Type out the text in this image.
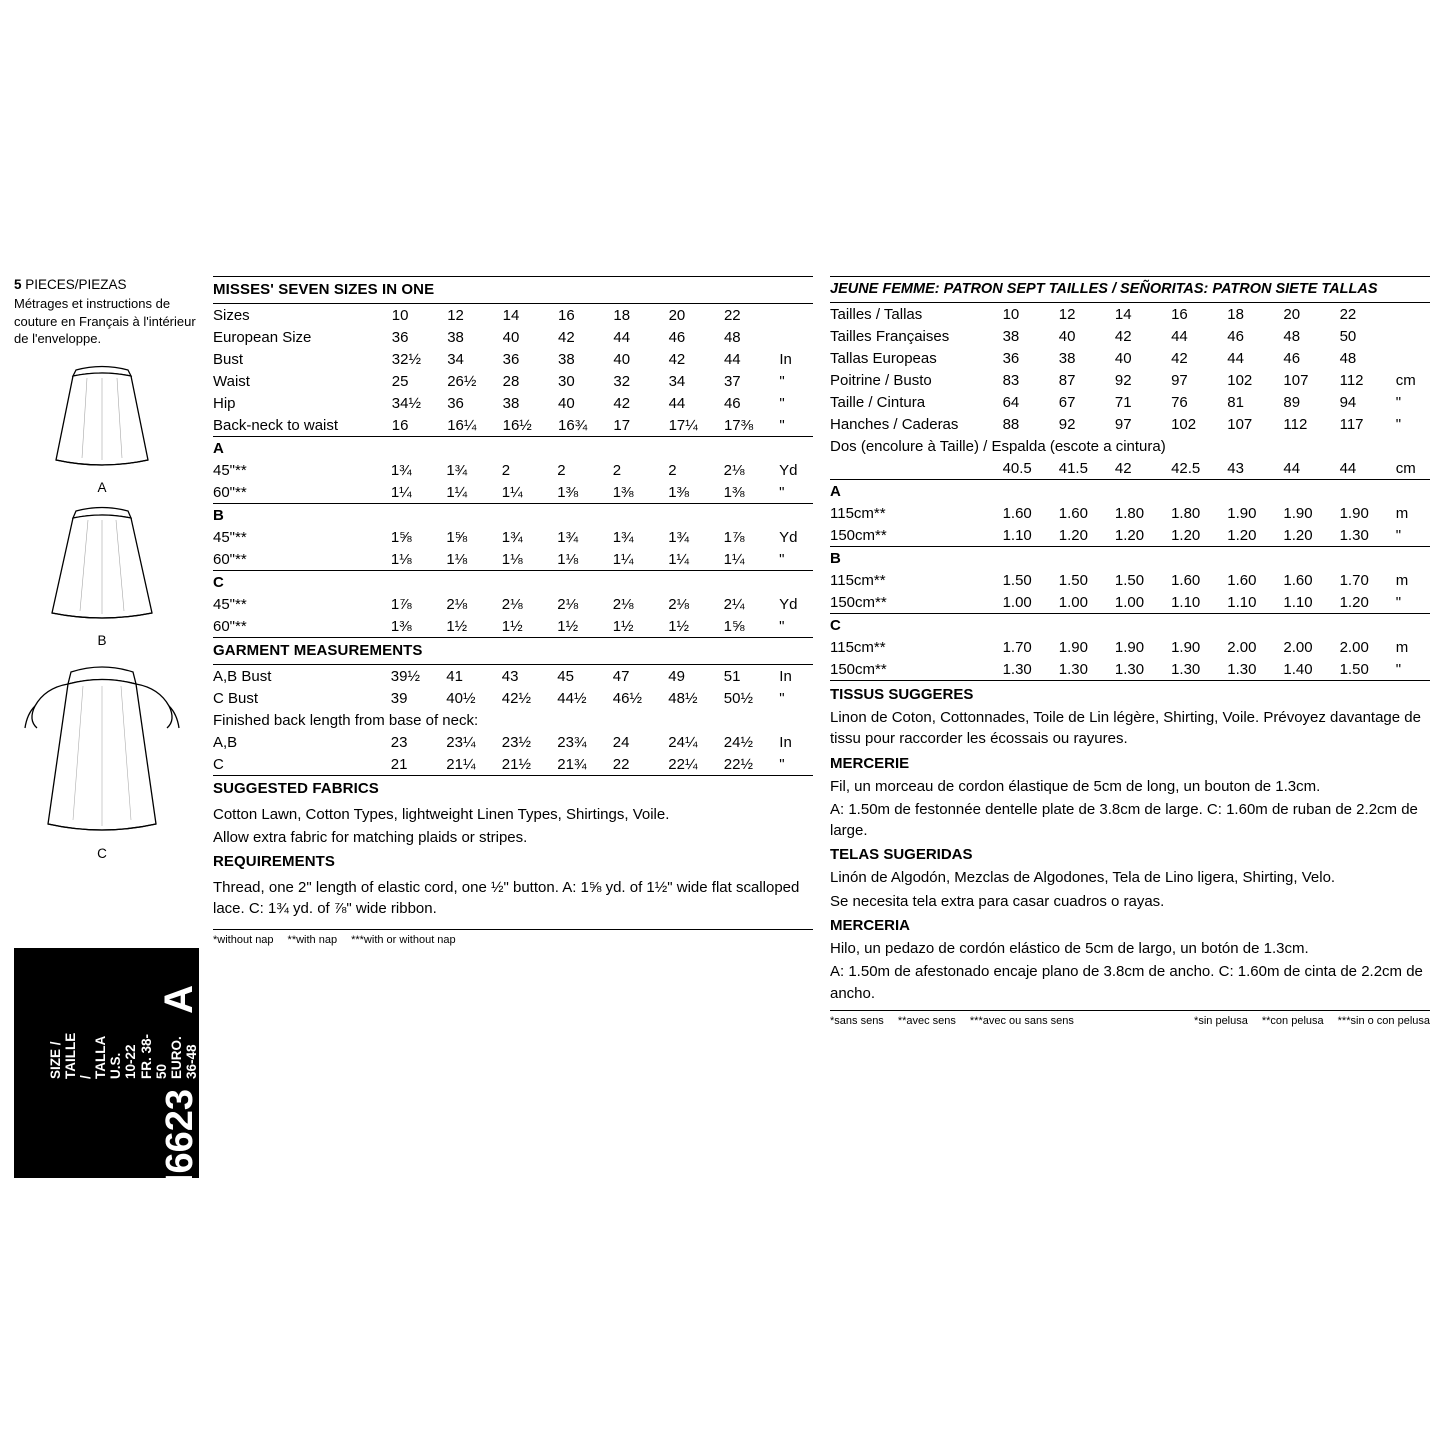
5 PIECES/PIEZAS
Métrages et instructions de couture en Français à l'intérieur de l'enveloppe.
A
B
C
N6623
SIZE / TAILLE / TALLA U.S. 10-22 FR. 38-50 EURO. 36-48
A
MISSES' SEVEN SIZES IN ONE
Sizes	10	12	14	16	18	20	22	
European Size	36	38	40	42	44	46	48	
Bust	32½	34	36	38	40	42	44	In
Waist	25	26½	28	30	32	34	37	"
Hip	34½	36	38	40	42	44	46	"
Back-neck to waist	16	16¼	16½	16¾	17	17¼	17⅜	"
A								
45"**	1¾	1¾	2	2	2	2	2⅛	Yd
60"**	1¼	1¼	1¼	1⅜	1⅜	1⅜	1⅜	"
B								
45"**	1⅝	1⅝	1¾	1¾	1¾	1¾	1⅞	Yd
60"**	1⅛	1⅛	1⅛	1⅛	1¼	1¼	1¼	"
C								
45"**	1⅞	2⅛	2⅛	2⅛	2⅛	2⅛	2¼	Yd
60"**	1⅜	1½	1½	1½	1½	1½	1⅝	"
GARMENT MEASUREMENTS
A,B Bust	39½	41	43	45	47	49	51	In
C Bust	39	40½	42½	44½	46½	48½	50½	"
Finished back length from base of neck:								
A,B	23	23¼	23½	23¾	24	24¼	24½	In
C	21	21¼	21½	21¾	22	22¼	22½	"
SUGGESTED FABRICS
Cotton Lawn, Cotton Types, lightweight Linen Types, Shirtings, Voile.
Allow extra fabric for matching plaids or stripes.
REQUIREMENTS
Thread, one 2" length of elastic cord, one ½" button. A: 1⅝ yd. of 1½" wide flat scalloped lace. C: 1¾ yd. of ⅞" wide ribbon.
*without nap **with nap ***with or without nap
JEUNE FEMME: PATRON SEPT TAILLES / SEÑORITAS: PATRON SIETE TALLAS
Tailles / Tallas	10	12	14	16	18	20	22	
Tailles Françaises	38	40	42	44	46	48	50	
Tallas Europeas	36	38	40	42	44	46	48	
Poitrine / Busto	83	87	92	97	102	107	112	cm
Taille / Cintura	64	67	71	76	81	89	94	"
Hanches / Caderas	88	92	97	102	107	112	117	"
Dos (encolure à Taille) / Espalda (escote a cintura)								
	40.5	41.5	42	42.5	43	44	44	cm
A								
115cm**	1.60	1.60	1.80	1.80	1.90	1.90	1.90	m
150cm**	1.10	1.20	1.20	1.20	1.20	1.20	1.30	"
B								
115cm**	1.50	1.50	1.50	1.60	1.60	1.60	1.70	m
150cm**	1.00	1.00	1.00	1.10	1.10	1.10	1.20	"
C								
115cm**	1.70	1.90	1.90	1.90	2.00	2.00	2.00	m
150cm**	1.30	1.30	1.30	1.30	1.30	1.40	1.50	"
TISSUS SUGGERES
Linon de Coton, Cottonnades, Toile de Lin légère, Shirting, Voile. Prévoyez davantage de tissu pour raccorder les écossais ou rayures.
MERCERIE
Fil, un morceau de cordon élastique de 5cm de long, un bouton de 1.3cm.
A: 1.50m de festonnée dentelle plate de 3.8cm de large. C: 1.60m de ruban de 2.2cm de large.
TELAS SUGERIDAS
Linón de Algodón, Mezclas de Algodones, Tela de Lino ligera, Shirting, Velo.
Se necesita tela extra para casar cuadros o rayas.
MERCERIA
Hilo, un pedazo de cordón elástico de 5cm de largo, un botón de 1.3cm.
A: 1.50m de afestonado encaje plano de 3.8cm de ancho. C: 1.60m de cinta de 2.2cm de ancho.
*sans sens **avec sens ***avec ou sans sens	*sin pelusa **con pelusa ***sin o con pelusa
